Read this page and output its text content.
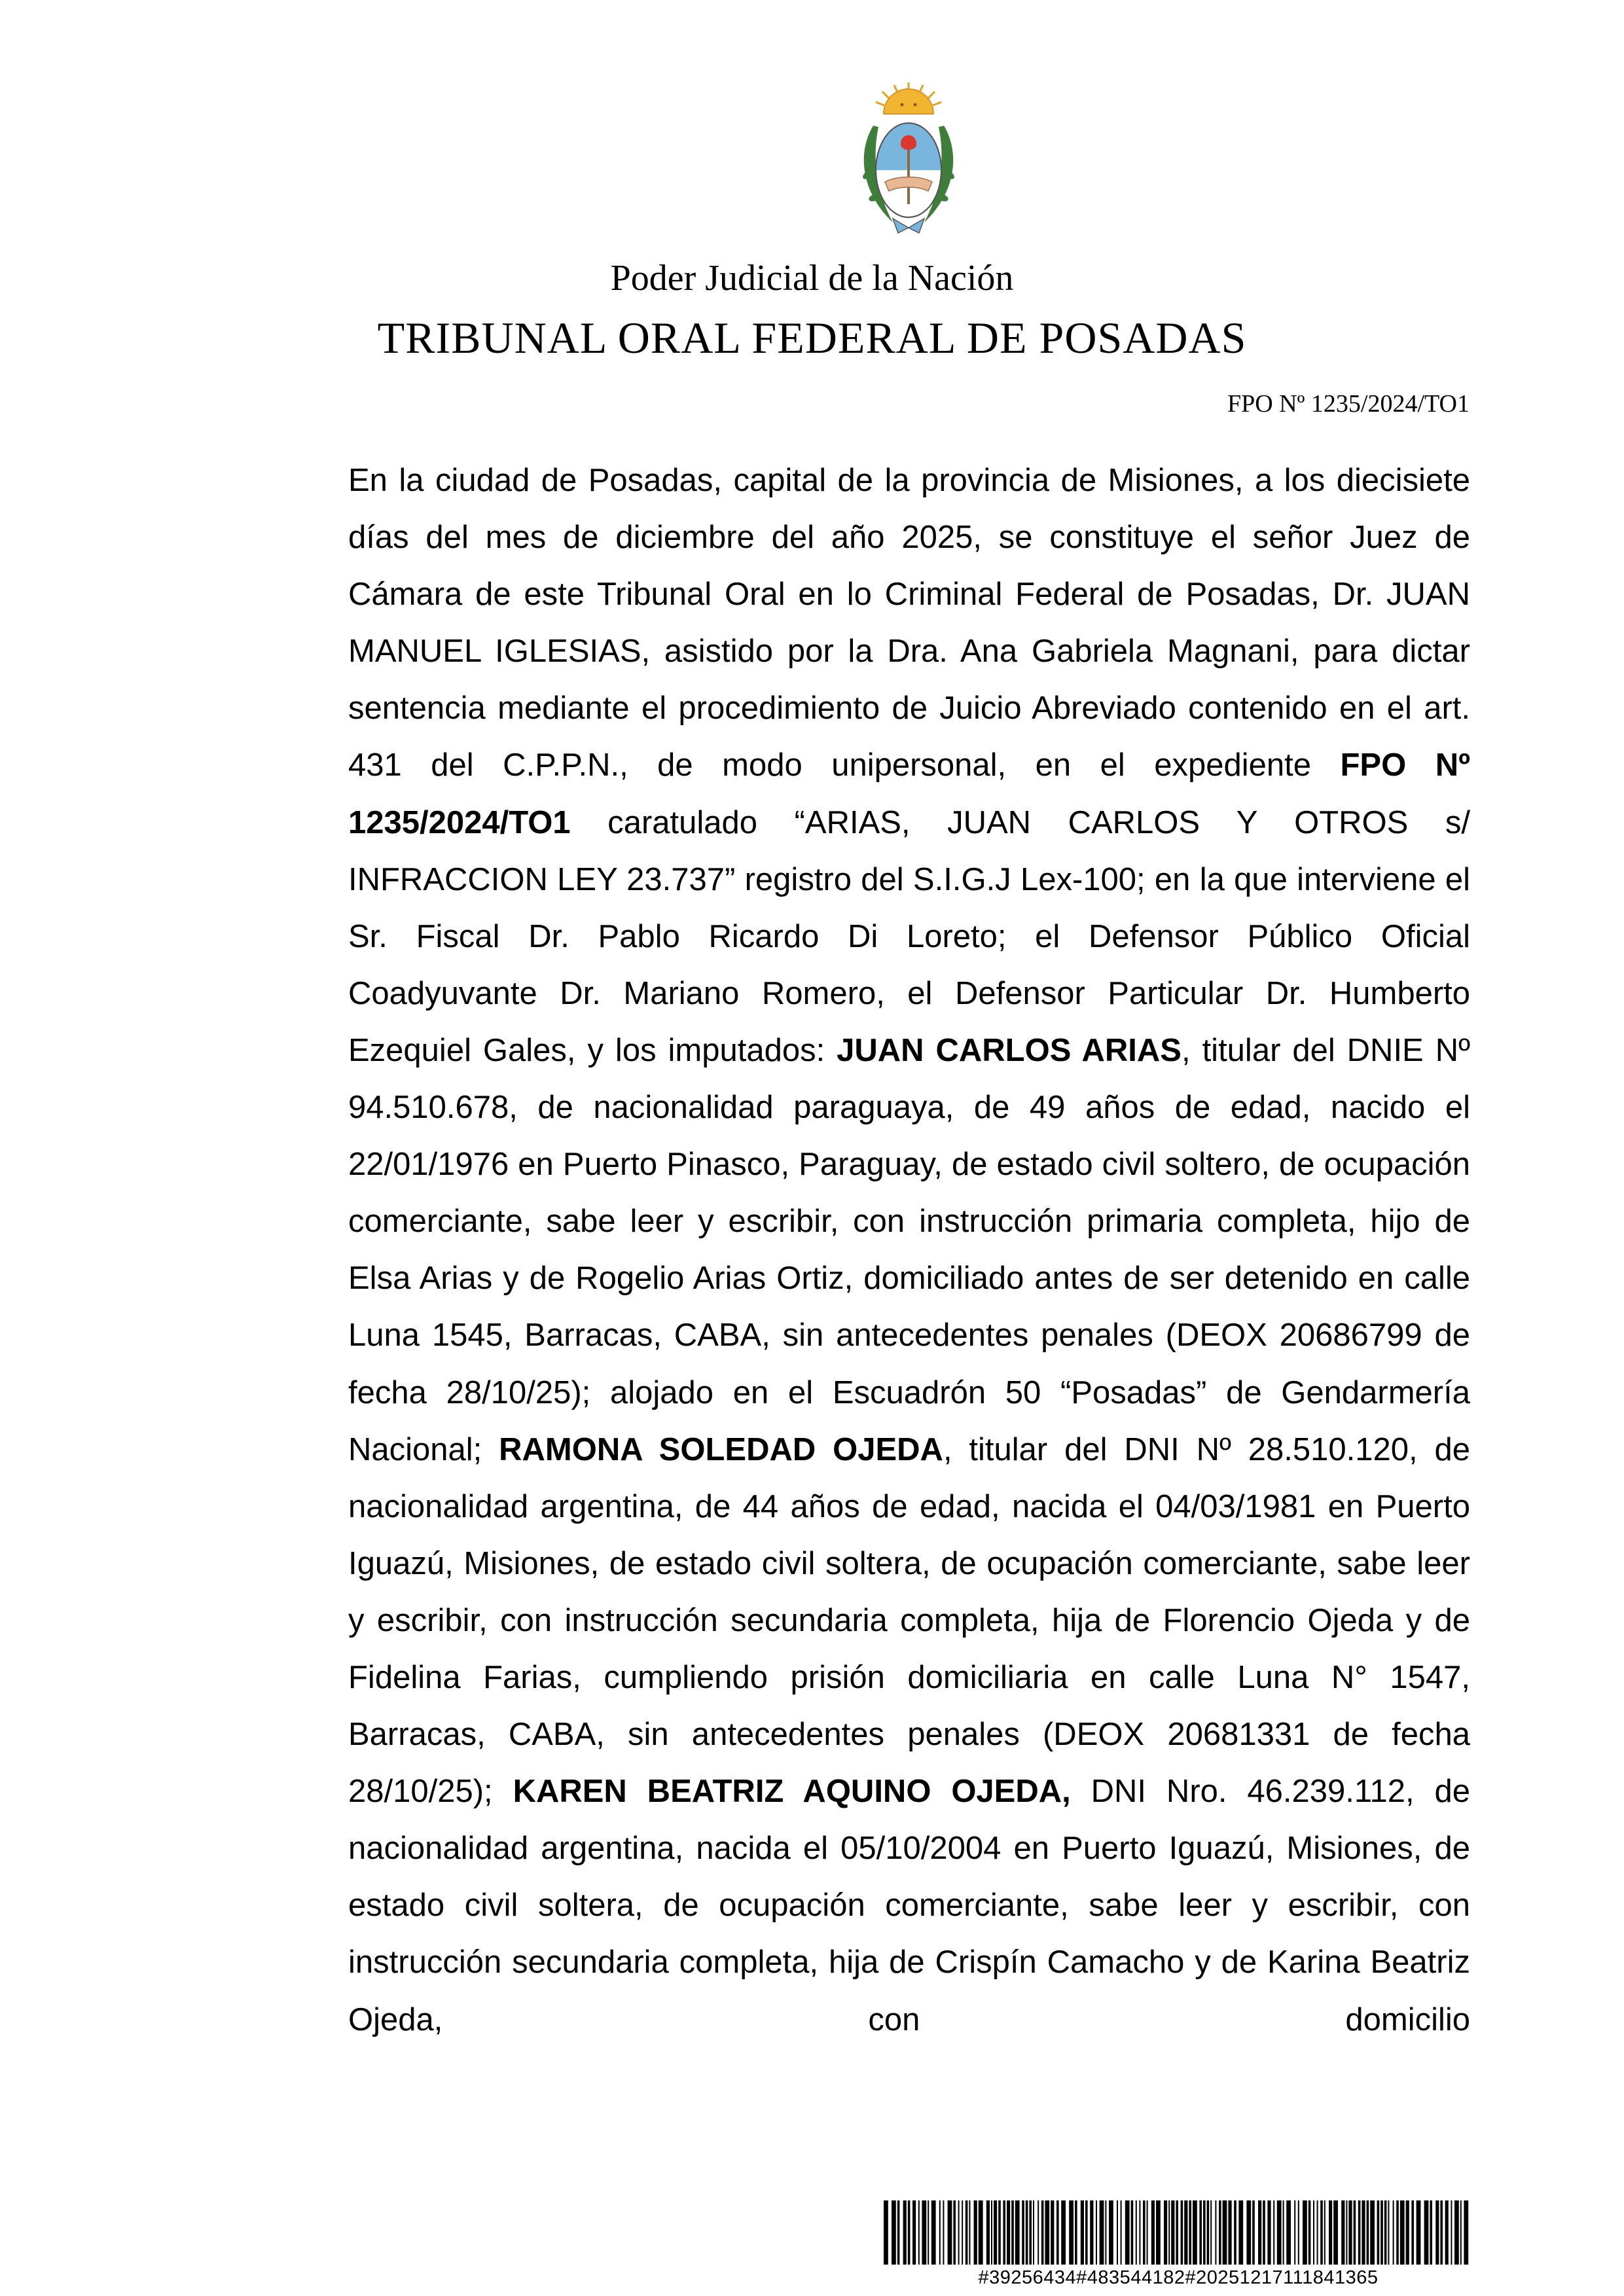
Poder Judicial de la Nación
TRIBUNAL ORAL FEDERAL DE POSADAS
FPO Nº 1235/2024/TO1

En la ciudad de Posadas, capital de la provincia de Misiones, a los diecisiete días del mes de diciembre del año 2025, se constituye el señor Juez de Cámara de este Tribunal Oral en lo Criminal Federal de Posadas, Dr. JUAN MANUEL IGLESIAS, asistido por la Dra. Ana Gabriela Magnani, para dictar sentencia mediante el procedimiento de Juicio Abreviado contenido en el art. 431 del C.P.P.N., de modo unipersonal, en el expediente FPO Nº 1235/2024/TO1 caratulado “ARIAS, JUAN CARLOS Y OTROS s/ INFRACCION LEY 23.737” registro del S.I.G.J Lex-100; en la que interviene el Sr. Fiscal Dr. Pablo Ricardo Di Loreto; el Defensor Público Oficial Coadyuvante Dr. Mariano Romero, el Defensor Particular Dr. Humberto Ezequiel Gales, y los imputados: JUAN CARLOS ARIAS, titular del DNIE Nº 94.510.678, de nacionalidad paraguaya, de 49 años de edad, nacido el 22/01/1976 en Puerto Pinasco, Paraguay, de estado civil soltero, de ocupación comerciante, sabe leer y escribir, con instrucción primaria completa, hijo de Elsa Arias y de Rogelio Arias Ortiz, domiciliado antes de ser detenido en calle Luna 1545, Barracas, CABA, sin antecedentes penales (DEOX 20686799 de fecha 28/10/25); alojado en el Escuadrón 50 “Posadas” de Gendarmería Nacional; RAMONA SOLEDAD OJEDA, titular del DNI Nº 28.510.120, de nacionalidad argentina, de 44 años de edad, nacida el 04/03/1981 en Puerto Iguazú, Misiones, de estado civil soltera, de ocupación comerciante, sabe leer y escribir, con instrucción secundaria completa, hija de Florencio Ojeda y de Fidelina Farias, cumpliendo prisión domiciliaria en calle Luna N° 1547, Barracas, CABA, sin antecedentes penales (DEOX 20681331 de fecha 28/10/25); KAREN BEATRIZ AQUINO OJEDA, DNI Nro. 46.239.112, de nacionalidad argentina, nacida el 05/10/2004 en Puerto Iguazú, Misiones, de estado civil soltera, de ocupación comerciante, sabe leer y escribir, con instrucción secundaria completa, hija de Crispín Camacho y de Karina Beatriz Ojeda, con domicilio

#39256434#483544182#20251217111841365
